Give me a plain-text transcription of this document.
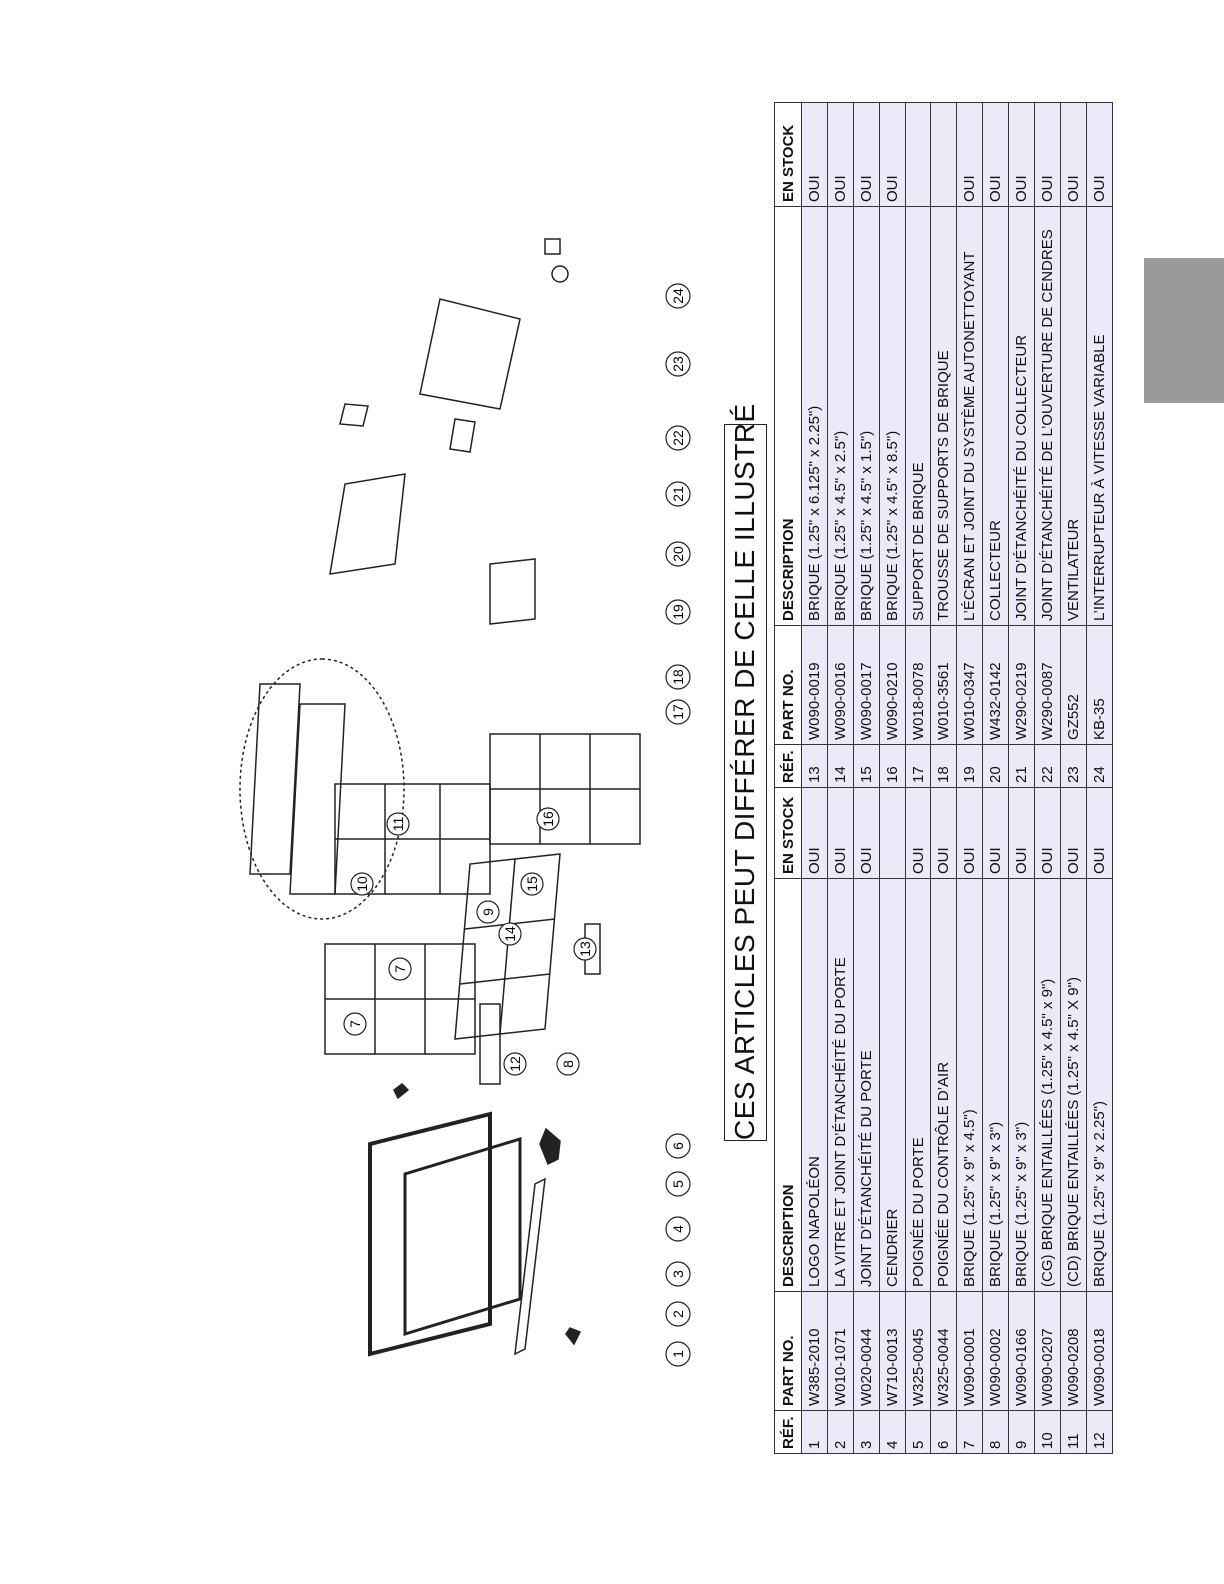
1
2
3
4
5
6
17
18
19
20
21
22
23
24
7
7
8
9
10
11
12
13
14
15
16	CES ARTICLES PEUT DIFFÉRER DE CELLE ILLUSTRÉ
RÉF.	PART NO.	DESCRIPTION	EN STOCK
1	W385-2010	LOGO NAPOLÉON	OUI
2	W010-1071	LA VITRE ET JOINT D’ÉTANCHÉITÉ DU PORTE	OUI
3	W020-0044	JOINT D’ÉTANCHÉITÉ DU PORTE	OUI
4	W710-0013	CENDRIER	
5	W325-0045	POIGNÉE DU PORTE	OUI
6	W325-0044	POIGNÉE DU CONTRÔLE D’AIR	OUI
7	W090-0001	BRIQUE (1.25" x 9" x 4.5")	OUI
8	W090-0002	BRIQUE (1.25" x 9" x 3")	OUI
9	W090-0166	BRIQUE (1.25" x 9" x 3")	OUI
10	W090-0207	(CG) BRIQUE ENTAILLÉES (1.25" x 4.5" x 9")	OUI
11	W090-0208	(CD) BRIQUE ENTAILLÉES (1.25" x 4.5" X 9")	OUI
12	W090-0018	BRIQUE (1.25" x 9" x 2.25")	OUI
RÉF.	PART NO.	DESCRIPTION	EN STOCK
13	W090-0019	BRIQUE (1.25" x 6.125" x 2.25")	OUI
14	W090-0016	BRIQUE (1.25" x 4.5" x 2.5")	OUI
15	W090-0017	BRIQUE (1.25" x 4.5" x 1.5")	OUI
16	W090-0210	BRIQUE (1.25" x 4.5" x 8.5")	OUI
17	W018-0078	SUPPORT DE BRIQUE	
18	W010-3561	TROUSSE DE SUPPORTS DE BRIQUE	
19	W010-0347	L’ÉCRAN ET JOINT DU SYSTÈME AUTONETTOYANT	OUI
20	W432-0142	COLLECTEUR	OUI
21	W290-0219	JOINT D’ÉTANCHÉITÉ DU COLLECTEUR	OUI
22	W290-0087	JOINT D’ÉTANCHÉITÉ DE L’OUVERTURE DE CENDRES	OUI
23	GZ552	VENTILATEUR	OUI
24	KB-35	L’INTERRUPTEUR À VITESSE VARIABLE	OUI
